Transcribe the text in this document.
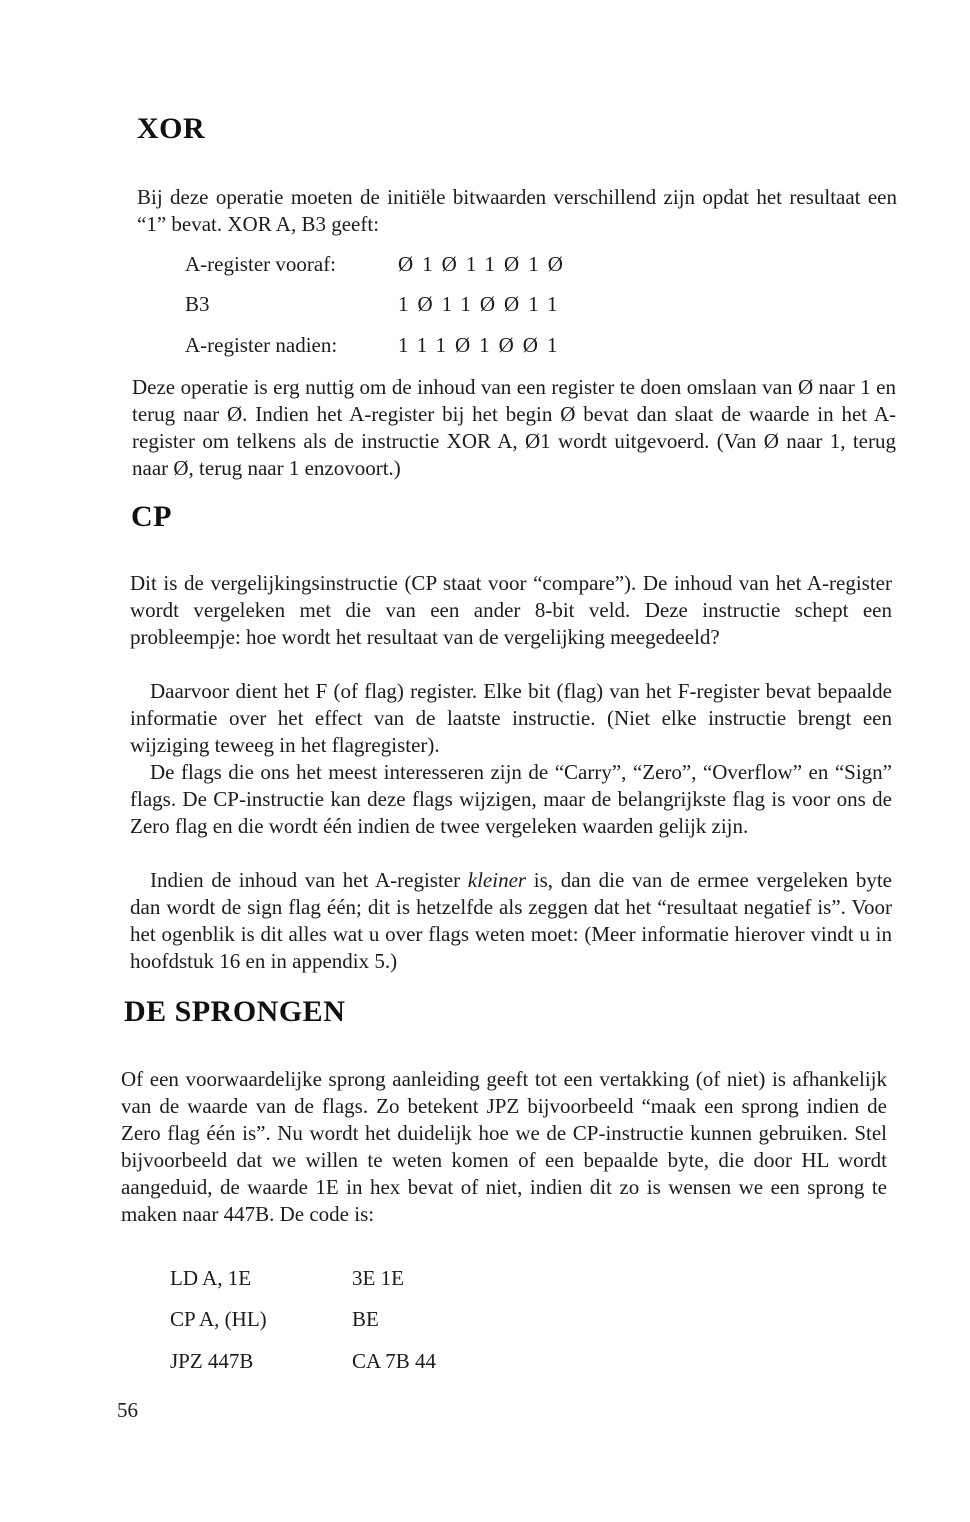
XOR

Bij deze operatie moeten de initiële bitwaarden verschillend zijn opdat het resultaat een “1” bevat. XOR A, B3 geeft:

A-register vooraf:	Ø1Ø11Ø1Ø
B3	1Ø11ØØ11
A-register nadien:	111Ø1ØØ1

Deze operatie is erg nuttig om de inhoud van een register te doen omslaan van Ø naar 1 en terug naar Ø. Indien het A-register bij het begin Ø bevat dan slaat de waarde in het A-register om telkens als de instructie XOR A, Ø1 wordt uitgevoerd. (Van Ø naar 1, terug naar Ø, terug naar 1 enzovoort.)

CP

Dit is de vergelijkingsinstructie (CP staat voor “compare”). De inhoud van het A-register wordt vergeleken met die van een ander 8-bit veld. Deze instructie schept een probleempje: hoe wordt het resultaat van de vergelijking meegedeeld?

Daarvoor dient het F (of flag) register. Elke bit (flag) van het F-register bevat bepaalde informatie over het effect van de laatste instructie. (Niet elke instructie brengt een wijziging teweeg in het flagregister).

De flags die ons het meest interesseren zijn de “Carry”, “Zero”, “Overflow” en “Sign” flags. De CP-instructie kan deze flags wijzigen, maar de belangrijkste flag is voor ons de Zero flag en die wordt één indien de twee vergeleken waarden gelijk zijn.

Indien de inhoud van het A-register kleiner is, dan die van de ermee vergeleken byte dan wordt de sign flag één; dit is hetzelfde als zeggen dat het “resultaat negatief is”. Voor het ogenblik is dit alles wat u over flags weten moet: (Meer informatie hierover vindt u in hoofdstuk 16 en in appendix 5.)

DE SPRONGEN

Of een voorwaardelijke sprong aanleiding geeft tot een vertakking (of niet) is afhankelijk van de waarde van de flags. Zo betekent JPZ bijvoorbeeld “maak een sprong indien de Zero flag één is”. Nu wordt het duidelijk hoe we de CP-instructie kunnen gebruiken. Stel bijvoorbeeld dat we willen te weten komen of een bepaalde byte, die door HL wordt aangeduid, de waarde 1E in hex bevat of niet, indien dit zo is wensen we een sprong te maken naar 447B. De code is:

LD A, 1E	3E 1E
CP A, (HL)	BE
JPZ 447B	CA 7B 44
56
